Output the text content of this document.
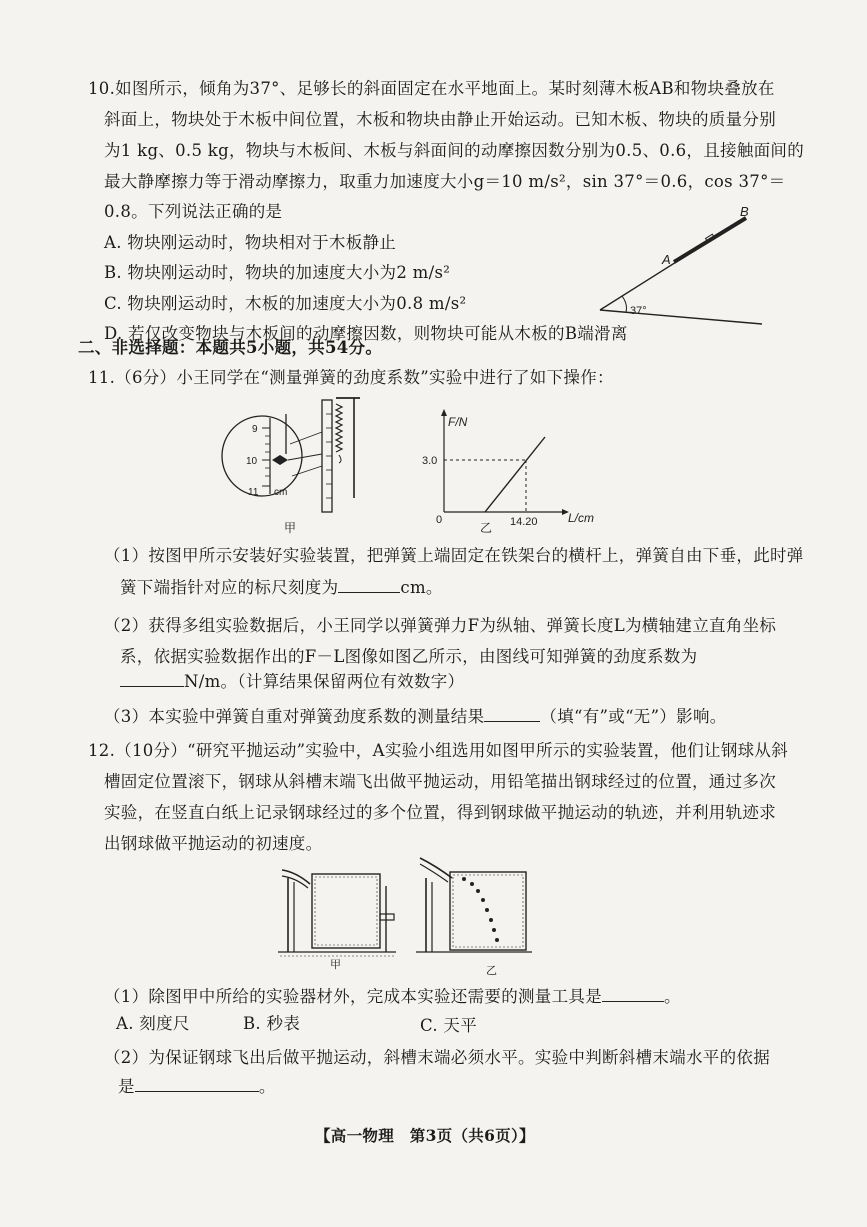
10.如图所示，倾角为37°、足够长的斜面固定在水平地面上。某时刻薄木板AB和物块叠放在
斜面上，物块处于木板中间位置，木板和物块由静止开始运动。已知木板、物块的质量分别
为1 kg、0.5 kg，物块与木板间、木板与斜面间的动摩擦因数分别为0.5、0.6，且接触面间的
最大静摩擦力等于滑动摩擦力，取重力加速度大小g＝10 m/s²，sin 37°＝0.6，cos 37°＝
0.8。下列说法正确的是
A. 物块刚运动时，物块相对于木板静止
B. 物块刚运动时，物块的加速度大小为2 m/s²
C. 物块刚运动时，木板的加速度大小为0.8 m/s²
D. 若仅改变物块与木板间的动摩擦因数，则物块可能从木板的B端滑离
A
B
37°
二、非选择题：本题共5小题，共54分。
11.（6分）小王同学在“测量弹簧的劲度系数”实验中进行了如下操作：
9
10
11 cm
甲
F/N
L/cm
0
3.0
14.20
乙
（1）按图甲所示安装好实验装置，把弹簧上端固定在铁架台的横杆上，弹簧自由下垂，此时弹
簧下端指针对应的标尺刻度为	cm。
（2）获得多组实验数据后，小王同学以弹簧弹力F为纵轴、弹簧长度L为横轴建立直角坐标
系，依据实验数据作出的F－L图像如图乙所示，由图线可知弹簧的劲度系数为
N/m。（计算结果保留两位有效数字）
（3）本实验中弹簧自重对弹簧劲度系数的测量结果	（填“有”或“无”）影响。
12.（10分）“研究平抛运动”实验中，A实验小组选用如图甲所示的实验装置，他们让钢球从斜
槽固定位置滚下，钢球从斜槽末端飞出做平抛运动，用铅笔描出钢球经过的位置，通过多次
实验，在竖直白纸上记录钢球经过的多个位置，得到钢球做平抛运动的轨迹，并利用轨迹求
出钢球做平抛运动的初速度。
甲	乙
（1）除图甲中所给的实验器材外，完成本实验还需要的测量工具是	。
A. 刻度尺	B. 秒表	C. 天平
（2）为保证钢球飞出后做平抛运动，斜槽末端必须水平。实验中判断斜槽末端水平的依据
是	。
【高一物理　第3页（共6页）】
